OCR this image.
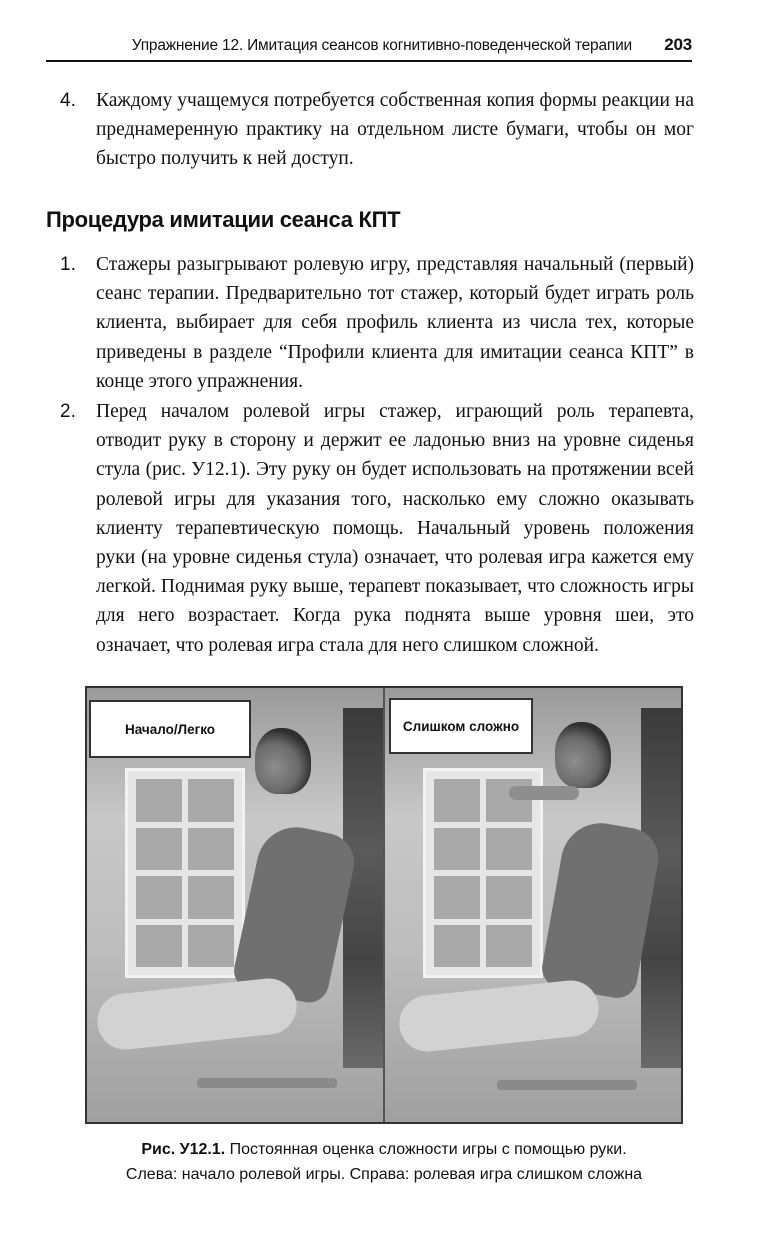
Упражнение 12. Имитация сеансов когнитивно-поведенческой терапии 203
4.	Каждому учащемуся потребуется собственная копия формы реакции на преднамеренную практику на отдельном листе бумаги, чтобы он мог быстро получить к ней доступ.
Процедура имитации сеанса КПТ
1.	Стажеры разыгрывают ролевую игру, представляя начальный (первый) сеанс терапии. Предварительно тот стажер, который будет играть роль клиента, выбирает для себя профиль клиента из числа тех, которые приведены в разделе “Профили клиента для имитации сеанса КПТ” в конце этого упражнения.
2.	Перед началом ролевой игры стажер, играющий роль терапевта, отводит руку в сторону и держит ее ладонью вниз на уровне сиденья стула (рис. У12.1). Эту руку он будет использовать на протяжении всей ролевой игры для указания того, насколько ему сложно оказывать клиенту терапевтическую помощь. Начальный уровень положения руки (на уровне сиденья стула) означает, что ролевая игра кажется ему легкой. Поднимая руку выше, терапевт показывает, что сложность игры для него возрастает. Когда рука поднята выше уровня шеи, это означает, что ролевая игра стала для него слишком сложной.
Начало/Легко	Слишком сложно
Рис. У12.1. Постоянная оценка сложности игры с помощью руки.
Слева: начало ролевой игры. Справа: ролевая игра слишком сложна
